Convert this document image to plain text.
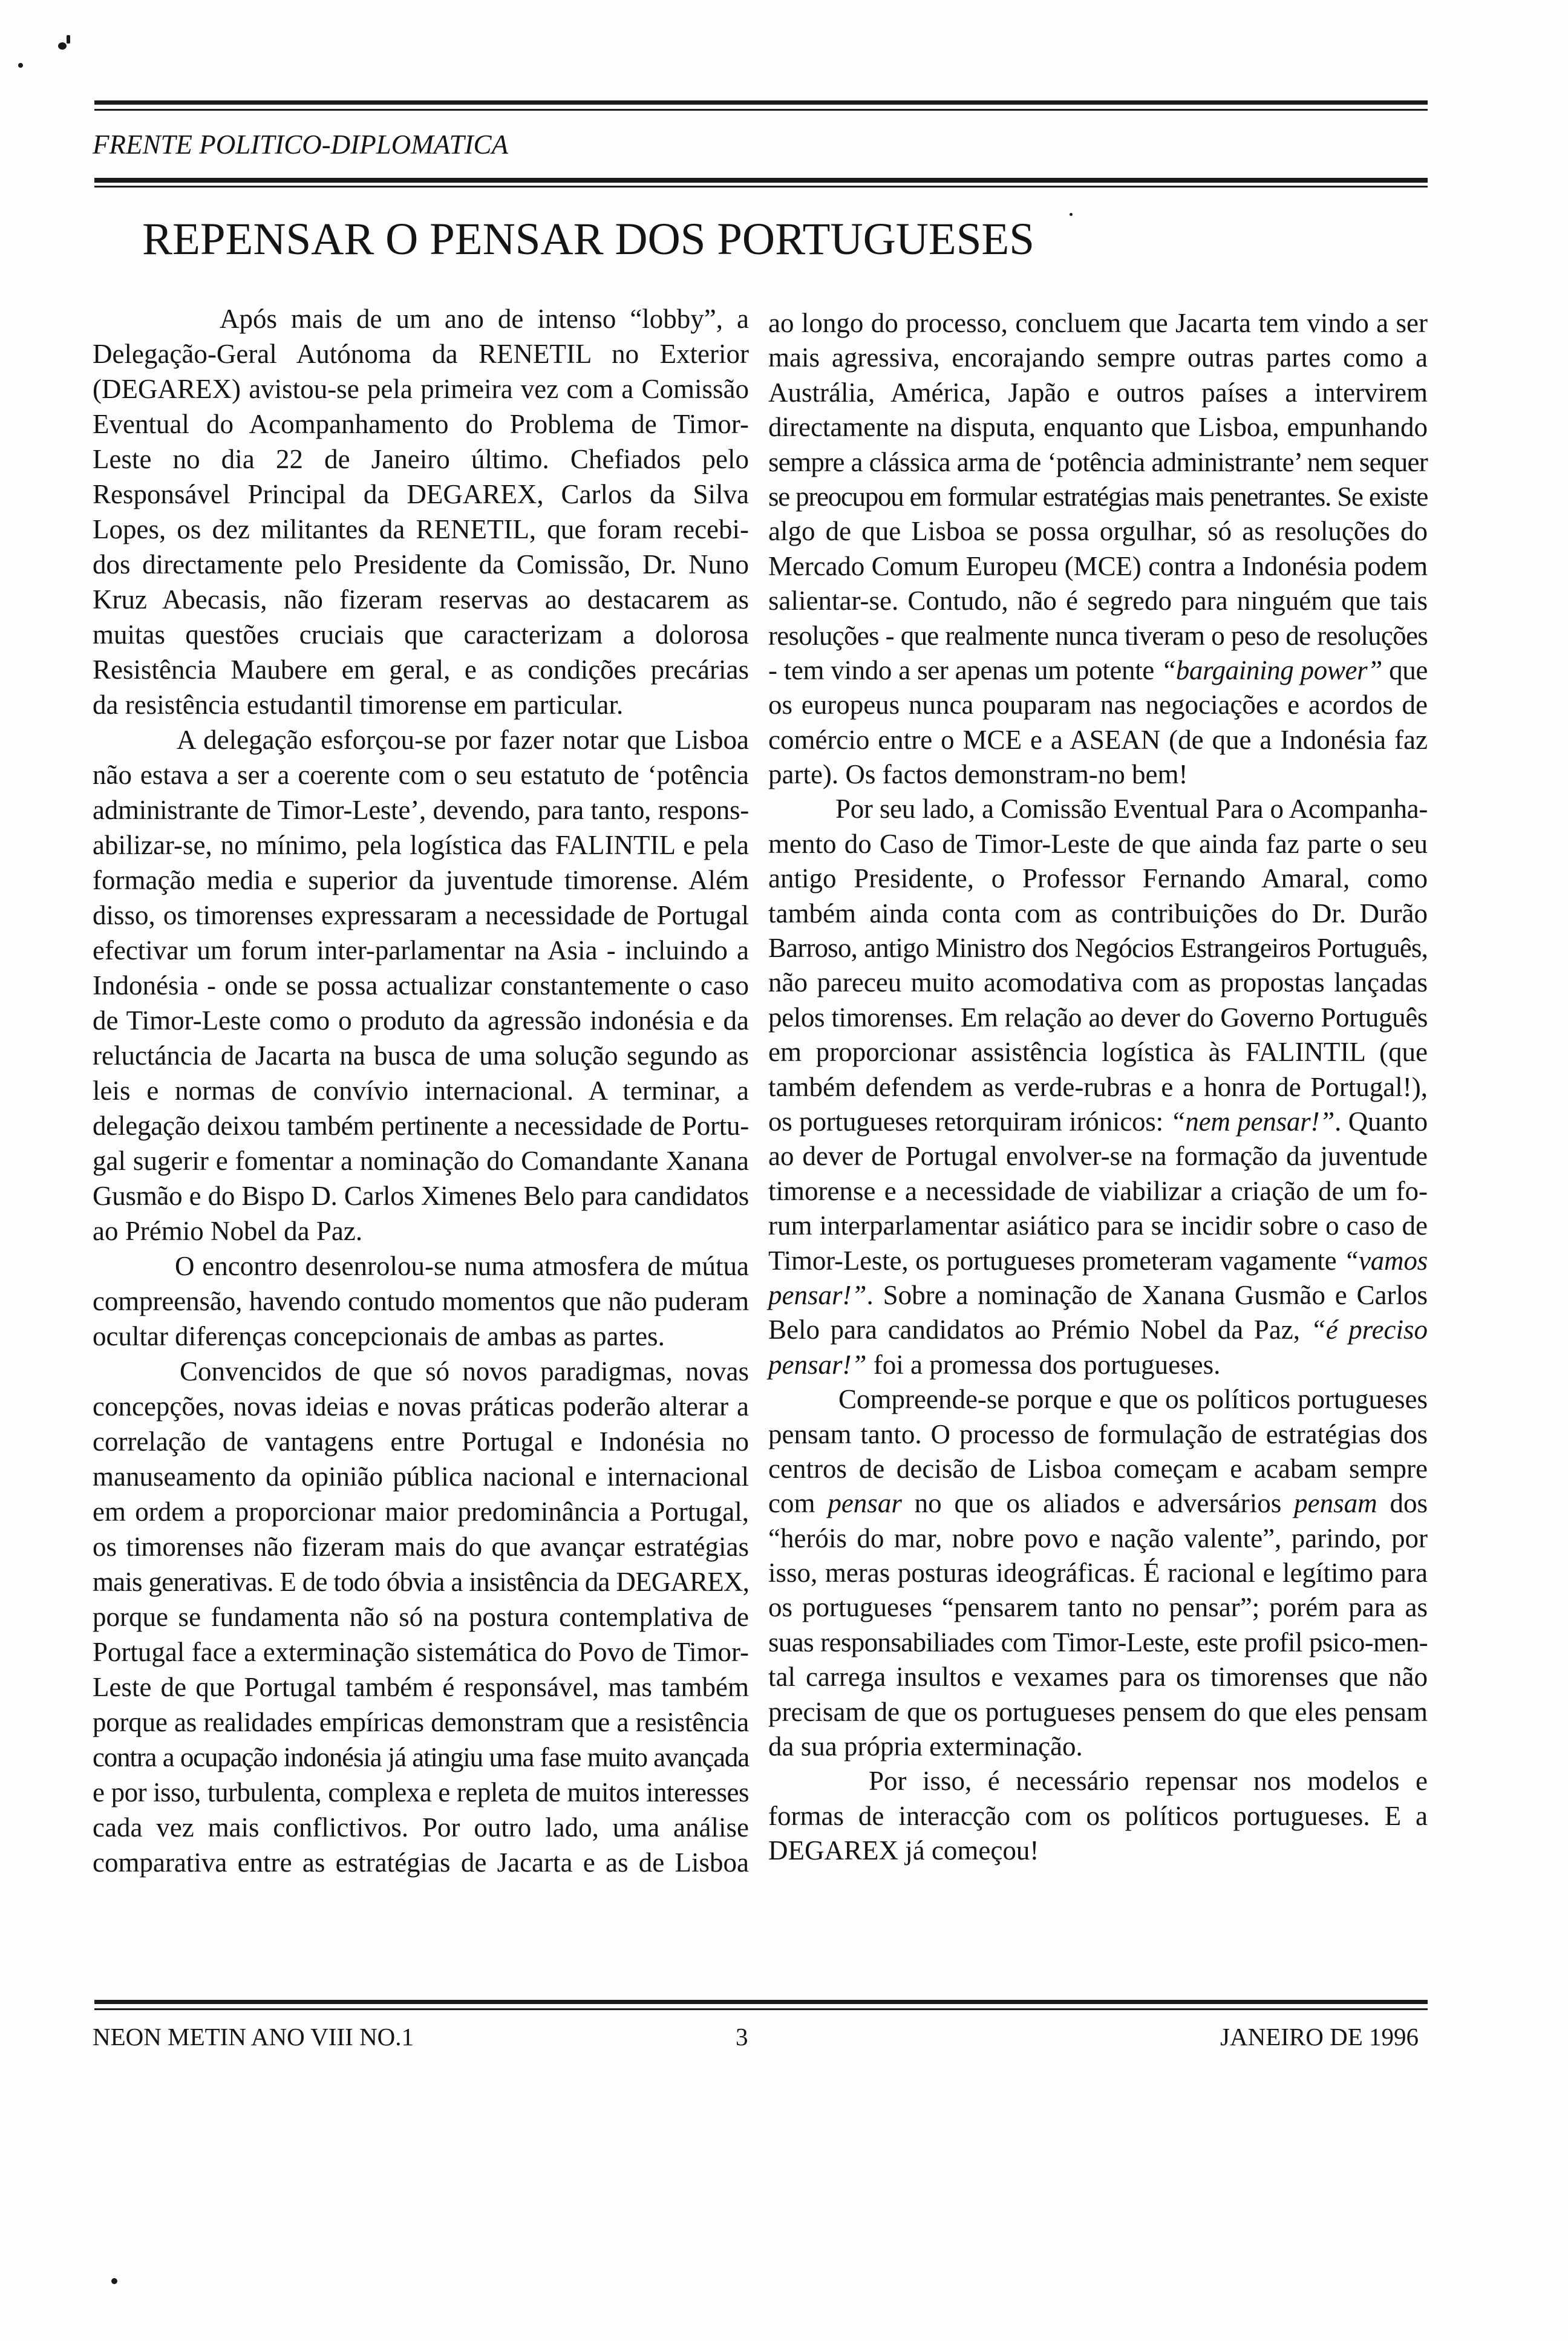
FRENTE POLITICO-DIPLOMATICA
REPENSAR O PENSAR DOS PORTUGUESES
Após mais de um ano de intenso “lobby”, a
Delegação-Geral Autónoma da RENETIL no Exterior
(DEGAREX) avistou-se pela primeira vez com a Comissão
Eventual do Acompanhamento do Problema de Timor-
Leste no dia 22 de Janeiro último. Chefiados pelo
Responsável Principal da DEGAREX, Carlos da Silva
Lopes, os dez militantes da RENETIL, que foram recebi-
dos directamente pelo Presidente da Comissão, Dr. Nuno
Kruz Abecasis, não fizeram reservas ao destacarem as
muitas questões cruciais que caracterizam a dolorosa
Resistência Maubere em geral, e as condições precárias
da resistência estudantil timorense em particular.
A delegação esforçou-se por fazer notar que Lisboa
não estava a ser a coerente com o seu estatuto de ‘potência
administrante de Timor-Leste’, devendo, para tanto, respons-
abilizar-se, no mínimo, pela logística das FALINTIL e pela
formação media e superior da juventude timorense. Além
disso, os timorenses expressaram a necessidade de Portugal
efectivar um forum inter-parlamentar na Asia - incluindo a
Indonésia - onde se possa actualizar constantemente o caso
de Timor-Leste como o produto da agressão indonésia e da
reluctáncia de Jacarta na busca de uma solução segundo as
leis e normas de convívio internacional. A terminar, a
delegação deixou também pertinente a necessidade de Portu-
gal sugerir e fomentar a nominação do Comandante Xanana
Gusmão e do Bispo D. Carlos Ximenes Belo para candidatos
ao Prémio Nobel da Paz.
O encontro desenrolou-se numa atmosfera de mútua
compreensão, havendo contudo momentos que não puderam
ocultar diferenças concepcionais de ambas as partes.
Convencidos de que só novos paradigmas, novas
concepções, novas ideias e novas práticas poderão alterar a
correlação de vantagens entre Portugal e Indonésia no
manuseamento da opinião pública nacional e internacional
em ordem a proporcionar maior predominância a Portugal,
os timorenses não fizeram mais do que avançar estratégias
mais generativas. E de todo óbvia a insistência da DEGAREX,
porque se fundamenta não só na postura contemplativa de
Portugal face a exterminação sistemática do Povo de Timor-
Leste de que Portugal também é responsável, mas também
porque as realidades empíricas demonstram que a resistência
contra a ocupação indonésia já atingiu uma fase muito avançada
e por isso, turbulenta, complexa e repleta de muitos interesses
cada vez mais conflictivos. Por outro lado, uma análise
comparativa entre as estratégias de Jacarta e as de Lisboa
ao longo do processo, concluem que Jacarta tem vindo a ser
mais agressiva, encorajando sempre outras partes como a
Austrália, América, Japão e outros países a intervirem
directamente na disputa, enquanto que Lisboa, empunhando
sempre a clássica arma de ‘potência administrante’ nem sequer
se preocupou em formular estratégias mais penetrantes. Se existe
algo de que Lisboa se possa orgulhar, só as resoluções do
Mercado Comum Europeu (MCE) contra a Indonésia podem
salientar-se. Contudo, não é segredo para ninguém que tais
resoluções - que realmente nunca tiveram o peso de resoluções
- tem vindo a ser apenas um potente “bargaining power” que
os europeus nunca pouparam nas negociações e acordos de
comércio entre o MCE e a ASEAN (de que a Indonésia faz
parte). Os factos demonstram-no bem!
Por seu lado, a Comissão Eventual Para o Acompanha-
mento do Caso de Timor-Leste de que ainda faz parte o seu
antigo Presidente, o Professor Fernando Amaral, como
também ainda conta com as contribuições do Dr. Durão
Barroso, antigo Ministro dos Negócios Estrangeiros Português,
não pareceu muito acomodativa com as propostas lançadas
pelos timorenses. Em relação ao dever do Governo Português
em proporcionar assistência logística às FALINTIL (que
também defendem as verde-rubras e a honra de Portugal!),
os portugueses retorquiram irónicos: “nem pensar!”. Quanto
ao dever de Portugal envolver-se na formação da juventude
timorense e a necessidade de viabilizar a criação de um fo-
rum interparlamentar asiático para se incidir sobre o caso de
Timor-Leste, os portugueses prometeram vagamente “vamos
pensar!”. Sobre a nominação de Xanana Gusmão e Carlos
Belo para candidatos ao Prémio Nobel da Paz, “é preciso
pensar!” foi a promessa dos portugueses.
Compreende-se porque e que os políticos portugueses
pensam tanto. O processo de formulação de estratégias dos
centros de decisão de Lisboa começam e acabam sempre
com pensar no que os aliados e adversários pensam dos
“heróis do mar, nobre povo e nação valente”, parindo, por
isso, meras posturas ideográficas. É racional e legítimo para
os portugueses “pensarem tanto no pensar”; porém para as
suas responsabiliades com Timor-Leste, este profil psico-men-
tal carrega insultos e vexames para os timorenses que não
precisam de que os portugueses pensem do que eles pensam
da sua própria exterminação.
Por isso, é necessário repensar nos modelos e
formas de interacção com os políticos portugueses. E a
DEGAREX já começou!
NEON METIN ANO VIII NO.1	3	JANEIRO DE 1996
